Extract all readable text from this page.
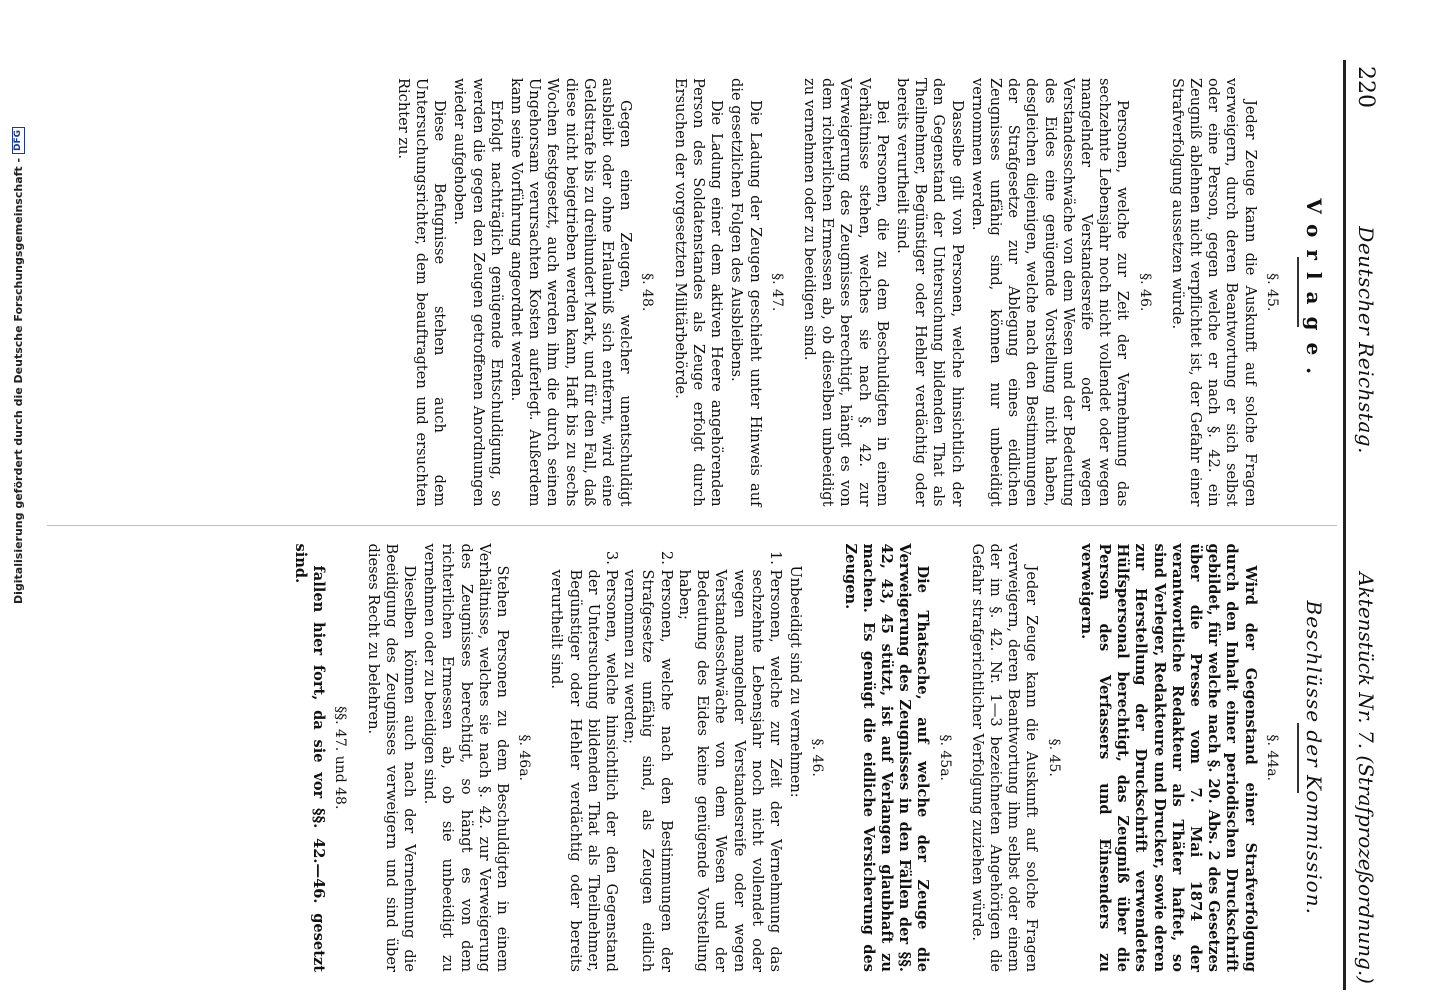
220
Deutscher Reichstag.
Aktenstück Nr. 7. (Strafprozeßordnung.)
Vorlage.
§. 45.

Jeder Zeuge kann die Auskunft auf solche Fragen verweigern, durch deren Beantwortung er sich selbst oder eine Person, gegen welche er nach §. 42. ein Zeugniß ablehnen nicht verpflichtet ist, der Gefahr einer Strafverfolgung aussetzen würde.

§. 46.

Personen, welche zur Zeit der Vernehmung das sechzehnte Lebensjahr noch nicht vollendet oder wegen mangelnder Verstandesreife oder wegen Verstandesschwäche von dem Wesen und der Bedeutung des Eides eine genügende Vorstellung nicht haben, desgleichen diejenigen, welche nach den Bestimmungen der Strafgesetze zur Ablegung eines eidlichen Zeugnisses unfähig sind, können nur unbeeidigt vernommen werden.

Dasselbe gilt von Personen, welche hinsichtlich der den Gegenstand der Untersuchung bildenden That als Theilnehmer, Begünstiger oder Hehler verdächtig oder bereits verurtheilt sind.

Bei Personen, die zu dem Beschuldigten in einem Verhältnisse stehen, welches sie nach §. 42. zur Verweigerung des Zeugnisses berechtigt, hängt es von dem richterlichen Ermessen ab, ob dieselben unbeeidigt zu vernehmen oder zu beeidigen sind.

§. 47.

Die Ladung der Zeugen geschieht unter Hinweis auf die gesetzlichen Folgen des Ausbleibens.

Die Ladung einer dem aktiven Heere angehörenden Person des Soldatenstandes als Zeuge erfolgt durch Ersuchen der vorgesetzten Militärbehörde.

§. 48.

Gegen einen Zeugen, welcher unentschuldigt ausbleibt oder ohne Erlaubniß sich entfernt, wird eine Geldstrafe bis zu dreihundert Mark, und für den Fall, daß diese nicht beigetrieben werden kann, Haft bis zu sechs Wochen festgesetzt, auch werden ihm die durch seinen Ungehorsam verursachten Kosten auferlegt. Außerdem kann seine Vorführung angeordnet werden.

Erfolgt nachträglich genügende Entschuldigung, so werden die gegen den Zeugen getroffenen Anordnungen wieder aufgehoben.

Diese Befugnisse stehen auch dem Untersuchungsrichter, dem beauftragten und ersuchten Richter zu.

Beschlüsse der Kommission.
§. 44a.

Wird der Gegenstand einer Strafverfolgung durch den Inhalt einer periodischen Druckschrift gebildet, für welche nach §. 20. Abs. 2 des Gesetzes über die Presse vom 7. Mai 1874 der verantwortliche Redakteur als Thäter haftet, so sind Verleger, Redakteure und Drucker, sowie deren zur Herstellung der Druckschrift verwendetes Hülfspersonal berechtigt, das Zeugniß über die Person des Verfassers und Einsenders zu verweigern.

§. 45.

Jeder Zeuge kann die Auskunft auf solche Fragen verweigern, deren Beantwortung ihm selbst oder einem der im §. 42. Nr. 1—3 bezeichneten Angehörigen die Gefahr strafgerichtlicher Verfolgung zuziehen würde.

§. 45a.

Die Thatsache, auf welche der Zeuge die Verweigerung des Zeugnisses in den Fällen der §§. 42, 43, 45 stützt, ist auf Verlangen glaubhaft zu machen. Es genügt die eidliche Versicherung des Zeugen.

§. 46.

Unbeeidigt sind zu vernehmen:

1. Personen, welche zur Zeit der Vernehmung das sechzehnte Lebensjahr noch nicht vollendet oder wegen mangelnder Verstandesreife oder wegen Verstandesschwäche von dem Wesen und der Bedeutung des Eides keine genügende Vorstellung haben;
2. Personen, welche nach den Bestimmungen der Strafgesetze unfähig sind, als Zeugen eidlich vernommen zu werden;
3. Personen, welche hinsichtlich der den Gegenstand der Untersuchung bildenden That als Theilnehmer, Begünstiger oder Hehler verdächtig oder bereits verurtheilt sind.
§. 46a.

Stehen Personen zu dem Beschuldigten in einem Verhältnisse, welches sie nach §. 42. zur Verweigerung des Zeugnisses berechtigt, so hängt es von dem richterlichen Ermessen ab, ob sie unbeeidigt zu vernehmen oder zu beeidigen sind.

Dieselben können auch nach der Vernehmung die Beeidigung des Zeugnisses verweigern und sind über dieses Recht zu belehren.

§§. 47. und 48.

fallen hier fort, da sie vor §§. 42.—46. gesetzt sind.

Digitalisierung gefördert durch die Deutsche Forschungsgemeinschaft -
DFG
